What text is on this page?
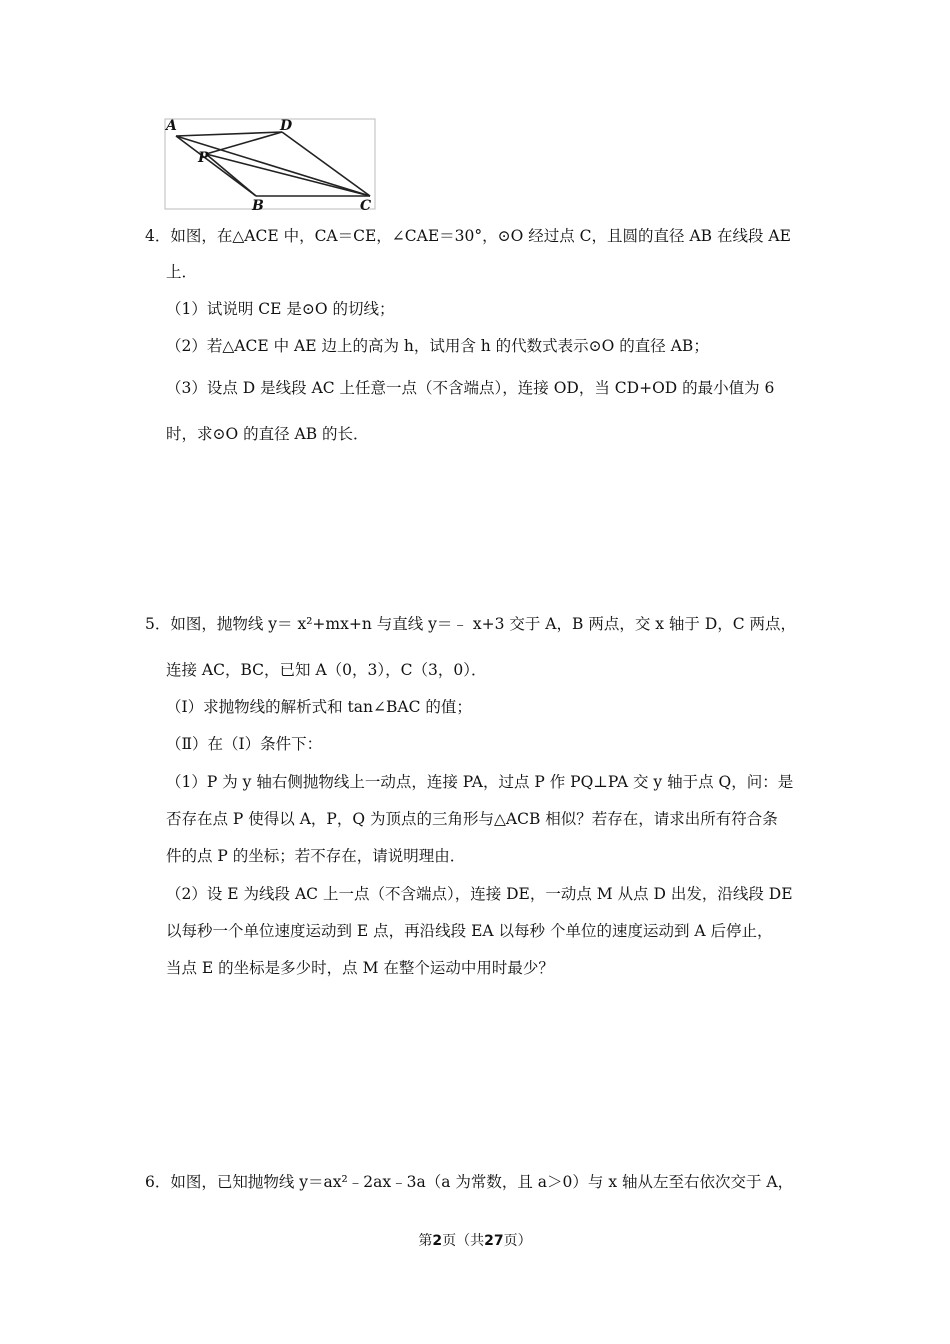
A	D
P
B	C
4．如图，在△ACE 中，CA＝CE，∠CAE＝30°，⊙O 经过点 C，且圆的直径 AB 在线段 AE
上．
（1）试说明 CE 是⊙O 的切线；
（2）若△ACE 中 AE 边上的高为 h，试用含 h 的代数式表示⊙O 的直径 AB；
（3）设点 D 是线段 AC 上任意一点（不含端点），连接 OD，当 CD+OD 的最小值为 6
时，求⊙O 的直径 AB 的长．
5．如图，抛物线 y＝ x²+mx+n 与直线 y＝﹣ x+3 交于 A，B 两点，交 x 轴于 D，C 两点，
连接 AC，BC，已知 A（0，3），C（3，0）．
（Ⅰ）求抛物线的解析式和 tan∠BAC 的值；
（Ⅱ）在（Ⅰ）条件下：
（1）P 为 y 轴右侧抛物线上一动点，连接 PA，过点 P 作 PQ⊥PA 交 y 轴于点 Q，问：是
否存在点 P 使得以 A，P，Q 为顶点的三角形与△ACB 相似？若存在，请求出所有符合条
件的点 P 的坐标；若不存在，请说明理由．
（2）设 E 为线段 AC 上一点（不含端点），连接 DE，一动点 M 从点 D 出发，沿线段 DE
以每秒一个单位速度运动到 E 点，再沿线段 EA 以每秒 个单位的速度运动到 A 后停止，
当点 E 的坐标是多少时，点 M 在整个运动中用时最少？
6．如图，已知抛物线 y＝ax²﹣2ax﹣3a（a 为常数，且 a＞0）与 x 轴从左至右依次交于 A，
第2页（共27页）
